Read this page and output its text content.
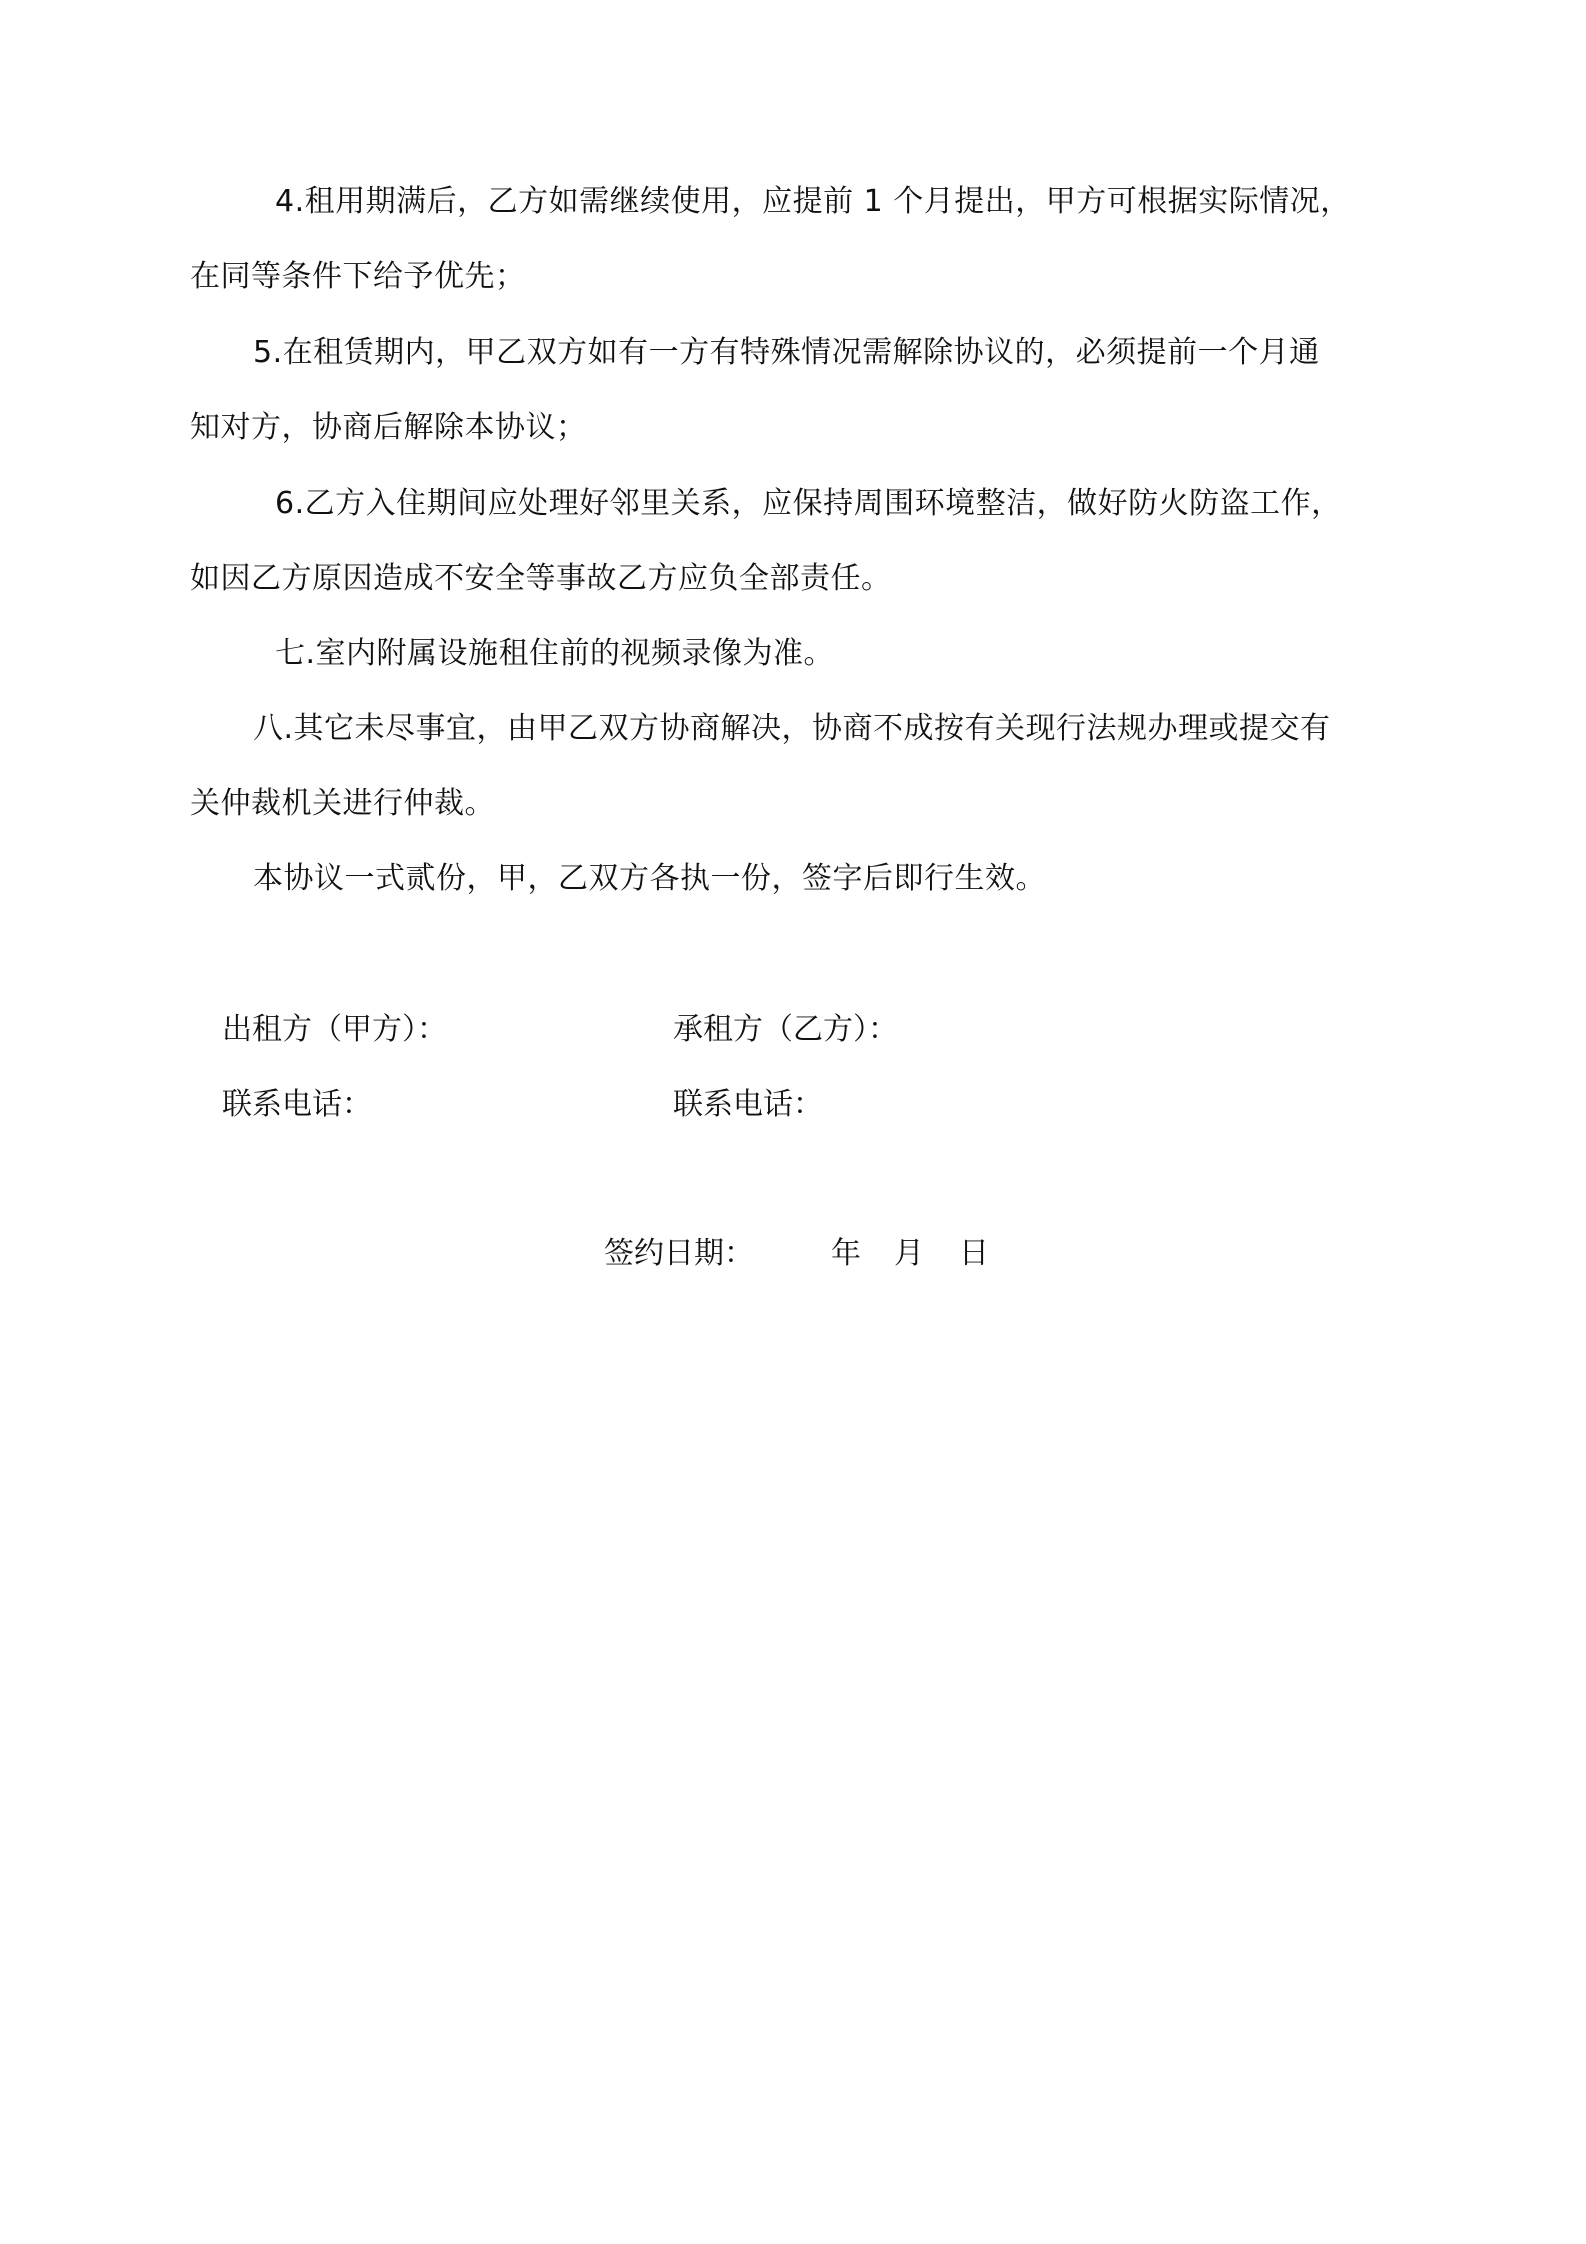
4.租用期满后，乙方如需继续使用，应提前 1 个月提出，甲方可根据实际情况，
在同等条件下给予优先；
5.在租赁期内，甲乙双方如有一方有特殊情况需解除协议的，必须提前一个月通
知对方，协商后解除本协议；
6.乙方入住期间应处理好邻里关系，应保持周围环境整洁，做好防火防盗工作，
如因乙方原因造成不安全等事故乙方应负全部责任。
七.室内附属设施租住前的视频录像为准。
八.其它未尽事宜，由甲乙双方协商解决，协商不成按有关现行法规办理或提交有
关仲裁机关进行仲裁。
本协议一式贰份，甲，乙双方各执一份，签字后即行生效。
出租方（甲方）：	承租方（乙方）：
联系电话：	联系电话：
签约日期：	年 月 日
